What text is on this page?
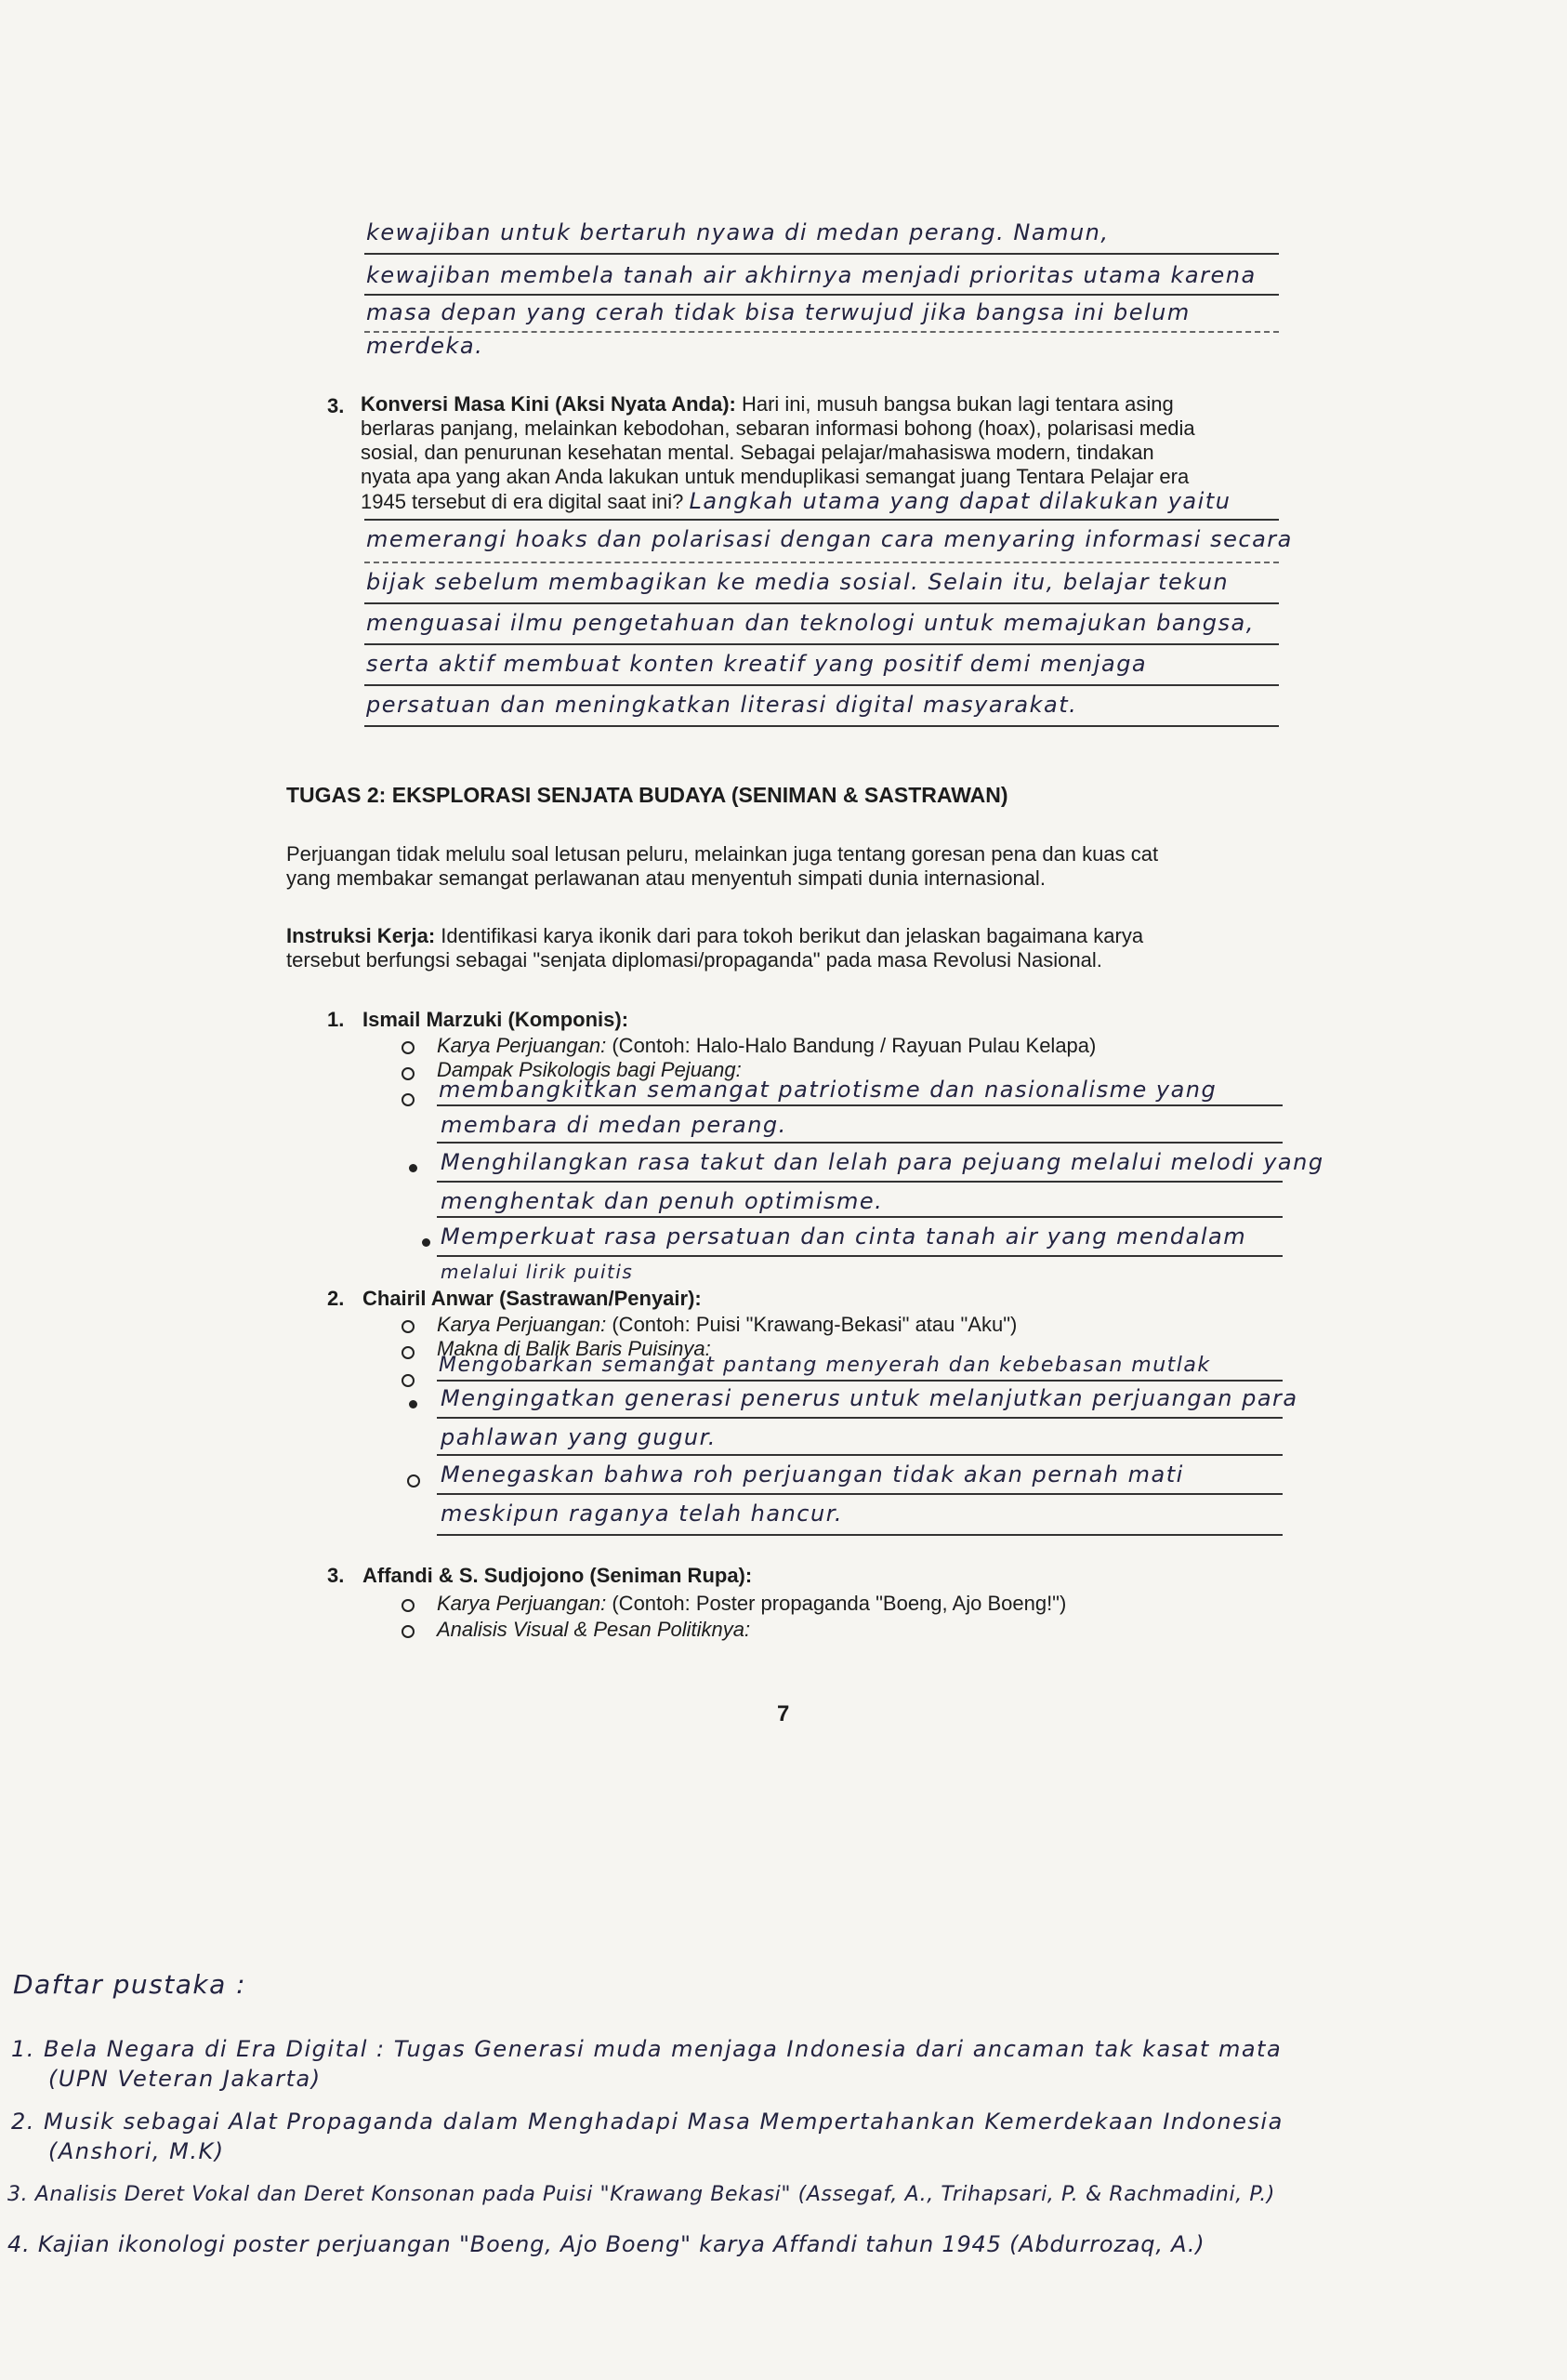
kewajiban untuk bertaruh nyawa di medan perang. Namun,
kewajiban membela tanah air akhirnya menjadi prioritas utama karena
masa depan yang cerah tidak bisa terwujud jika bangsa ini belum
merdeka.
3. Konversi Masa Kini (Aksi Nyata Anda): Hari ini, musuh bangsa bukan lagi tentara asing
berlaras panjang, melainkan kebodohan, sebaran informasi bohong (hoax), polarisasi media
sosial, dan penurunan kesehatan mental. Sebagai pelajar/mahasiswa modern, tindakan
nyata apa yang akan Anda lakukan untuk menduplikasi semangat juang Tentara Pelajar era
1945 tersebut di era digital saat ini? Langkah utama yang dapat dilakukan yaitu
memerangi hoaks dan polarisasi dengan cara menyaring informasi secara
bijak sebelum membagikan ke media sosial. Selain itu, belajar tekun
menguasai ilmu pengetahuan dan teknologi untuk memajukan bangsa,
serta aktif membuat konten kreatif yang positif demi menjaga
persatuan dan meningkatkan literasi digital masyarakat.
TUGAS 2: EKSPLORASI SENJATA BUDAYA (SENIMAN & SASTRAWAN)
Perjuangan tidak melulu soal letusan peluru, melainkan juga tentang goresan pena dan kuas cat
yang membakar semangat perlawanan atau menyentuh simpati dunia internasional.
Instruksi Kerja: Identifikasi karya ikonik dari para tokoh berikut dan jelaskan bagaimana karya
tersebut berfungsi sebagai "senjata diplomasi/propaganda" pada masa Revolusi Nasional.
1. Ismail Marzuki (Komponis):
Karya Perjuangan: (Contoh: Halo-Halo Bandung / Rayuan Pulau Kelapa)
Dampak Psikologis bagi Pejuang:
membangkitkan semangat patriotisme dan nasionalisme yang
membara di medan perang.
Menghilangkan rasa takut dan lelah para pejuang melalui melodi yang
menghentak dan penuh optimisme.
Memperkuat rasa persatuan dan cinta tanah air yang mendalam
melalui lirik puitis
2. Chairil Anwar (Sastrawan/Penyair):
Karya Perjuangan: (Contoh: Puisi "Krawang-Bekasi" atau "Aku")
Makna di Balik Baris Puisinya:
Mengobarkan semangat pantang menyerah dan kebebasan mutlak
Mengingatkan generasi penerus untuk melanjutkan perjuangan para
pahlawan yang gugur.
Menegaskan bahwa roh perjuangan tidak akan pernah mati
meskipun raganya telah hancur.
3. Affandi & S. Sudjojono (Seniman Rupa):
Karya Perjuangan: (Contoh: Poster propaganda "Boeng, Ajo Boeng!")
Analisis Visual & Pesan Politiknya:
7
Daftar pustaka :
1. Bela Negara di Era Digital : Tugas Generasi muda menjaga Indonesia dari ancaman tak kasat mata
(UPN Veteran Jakarta)
2. Musik sebagai Alat Propaganda dalam Menghadapi Masa Mempertahankan Kemerdekaan Indonesia
(Anshori, M.K)
3. Analisis Deret Vokal dan Deret Konsonan pada Puisi "Krawang Bekasi" (Assegaf, A., Trihapsari, P. & Rachmadini, P.)
4. Kajian ikonologi poster perjuangan "Boeng, Ajo Boeng" karya Affandi tahun 1945 (Abdurrozaq, A.)
